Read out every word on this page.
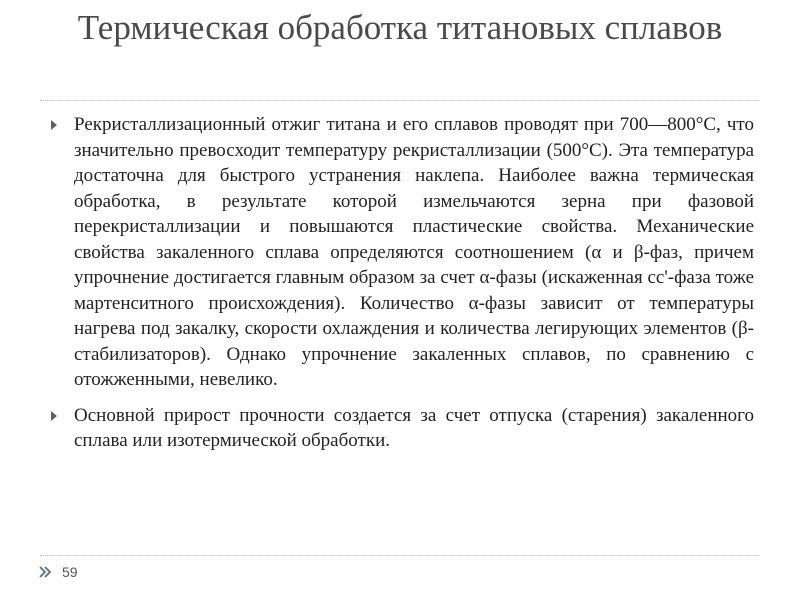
Термическая обработка титановых сплавов

Рекристаллизационный отжиг титана и его сплавов проводят при 700—800°С, что значительно превосходит температуру рекристаллизации (500°С). Эта температура достаточна для быстрого устранения наклепа. Наиболее важна термическая обработка, в результате которой измельчаются зерна при фазовой перекристаллизации и повышаются пластические свойства. Механические свойства закаленного сплава определяются соотношением (α и β-фаз, причем упрочнение достигается главным образом за счет α-фазы (искаженная сс'-фаза тоже мартенситного происхождения). Количество α-фазы зависит от температуры нагрева под закалку, скорости охлаждения и количества легирующих элементов (β-стабилизаторов). Однако упрочнение закаленных сплавов, по сравнению с отожженными, невелико.

Основной прирост прочности создается за счет отпуска (старения) закаленного сплава или изотермической обработки.

59
